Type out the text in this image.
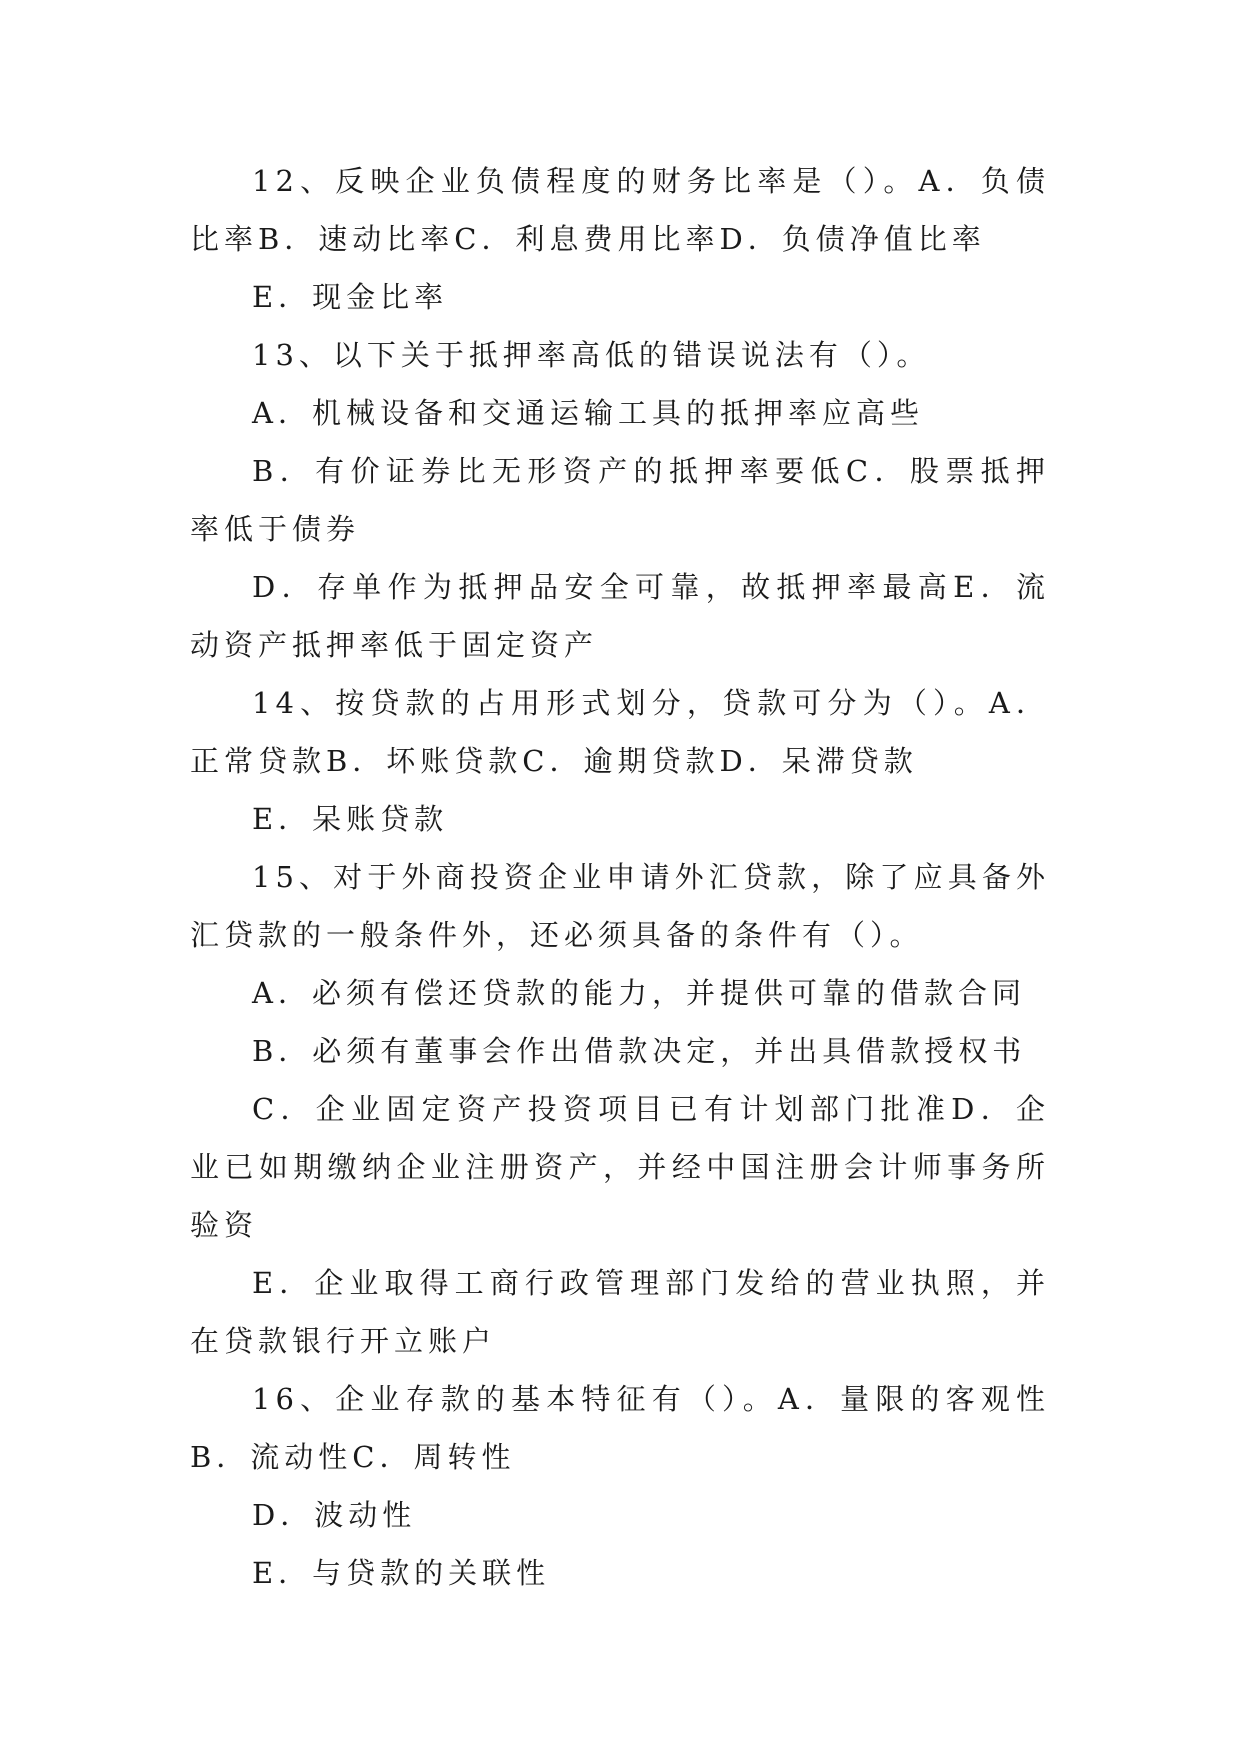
12、反映企业负债程度的财务比率是（）。A．负债比率B．速动比率C．利息费用比率D．负债净值比率

E．现金比率

13、以下关于抵押率高低的错误说法有（）。

A．机械设备和交通运输工具的抵押率应高些

B．有价证券比无形资产的抵押率要低C．股票抵押率低于债券

D．存单作为抵押品安全可靠，故抵押率最高E．流动资产抵押率低于固定资产

14、按贷款的占用形式划分，贷款可分为（）。A．正常贷款B．坏账贷款C．逾期贷款D．呆滞贷款

E．呆账贷款

15、对于外商投资企业申请外汇贷款，除了应具备外汇贷款的一般条件外，还必须具备的条件有（）。

A．必须有偿还贷款的能力，并提供可靠的借款合同

B．必须有董事会作出借款决定，并出具借款授权书

C．企业固定资产投资项目已有计划部门批准D．企业已如期缴纳企业注册资产，并经中国注册会计师事务所验资

E．企业取得工商行政管理部门发给的营业执照，并在贷款银行开立账户

16、企业存款的基本特征有（）。A．量限的客观性B．流动性C．周转性

D．波动性

E．与贷款的关联性
